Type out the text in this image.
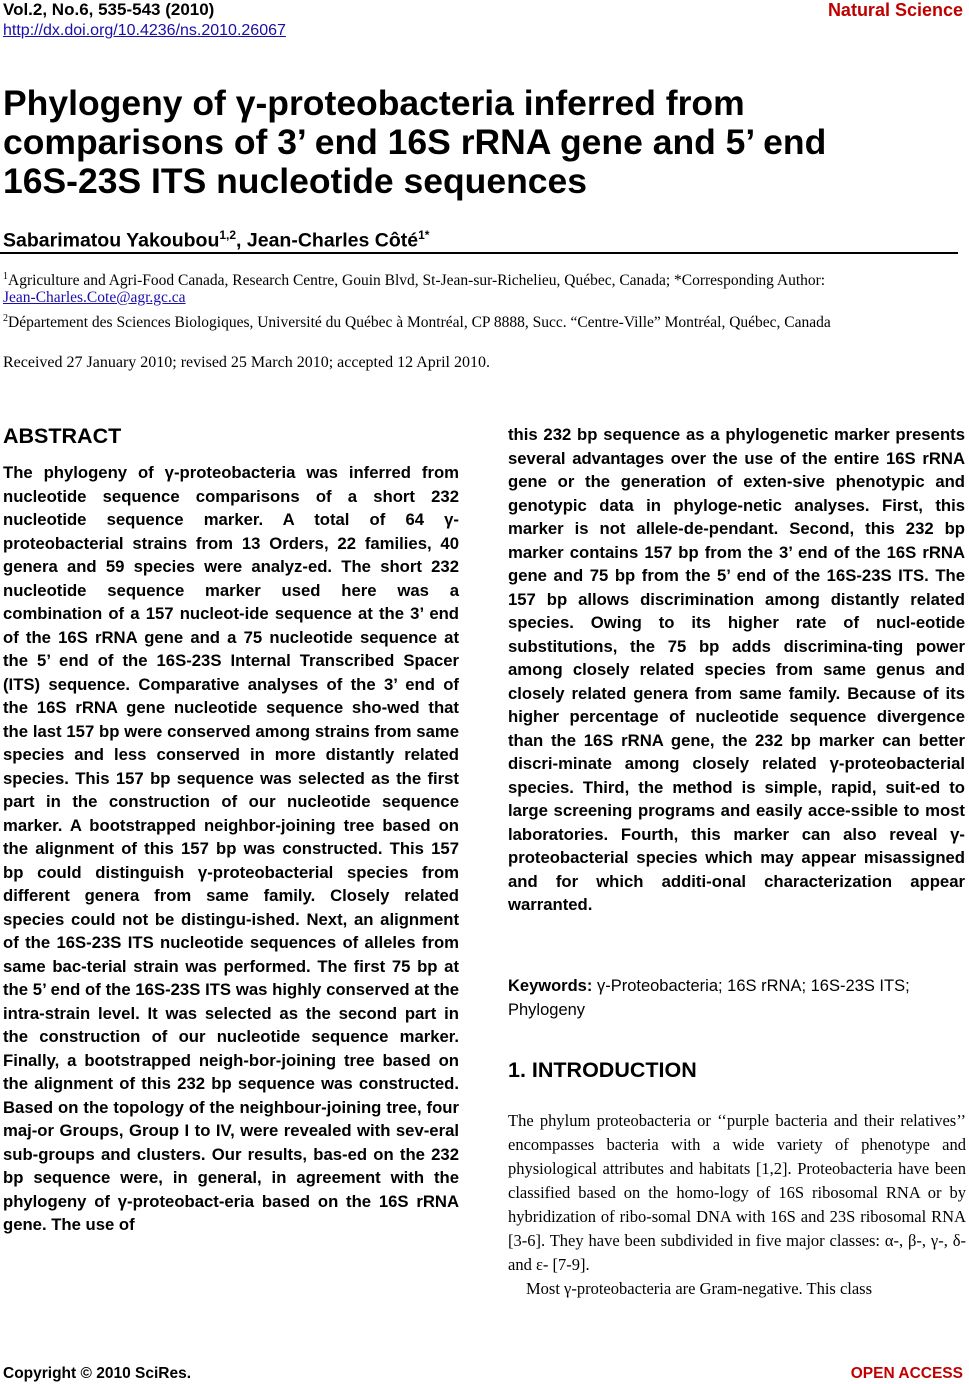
Vol.2, No.6, 535-543 (2010)
http://dx.doi.org/10.4236/ns.2010.26067
Natural Science
Phylogeny of γ-proteobacteria inferred from comparisons of 3’ end 16S rRNA gene and 5’ end 16S-23S ITS nucleotide sequences
Sabarimatou Yakoubou$^{1,2}$, Jean-Charles Côté$^{1*}$
$^1$Agriculture and Agri-Food Canada, Research Centre, Gouin Blvd, St-Jean-sur-Richelieu, Québec, Canada; *Corresponding Author:
Jean-Charles.Cote@agr.gc.ca
$^2$Département des Sciences Biologiques, Université du Québec à Montréal, CP 8888, Succ. “Centre-Ville” Montréal, Québec, Canada
Received 27 January 2010; revised 25 March 2010; accepted 12 April 2010.
ABSTRACT
The phylogeny of γ-proteobacteria was inferred from nucleotide sequence comparisons of a short 232 nucleotide sequence marker. A total of 64 γ-proteobacterial strains from 13 Orders, 22 families, 40 genera and 59 species were analyz-ed. The short 232 nucleotide sequence marker used here was a combination of a 157 nucleot-ide sequence at the 3’ end of the 16S rRNA gene and a 75 nucleotide sequence at the 5’ end of the 16S-23S Internal Transcribed Spacer (ITS) sequence. Comparative analyses of the 3’ end of the 16S rRNA gene nucleotide sequence sho-wed that the last 157 bp were conserved among strains from same species and less conserved in more distantly related species. This 157 bp sequence was selected as the first part in the construction of our nucleotide sequence marker. A bootstrapped neighbor-joining tree based on the alignment of this 157 bp was constructed. This 157 bp could distinguish γ-proteobacterial species from different genera from same family. Closely related species could not be distingu-ished. Next, an alignment of the 16S-23S ITS nucleotide sequences of alleles from same bac-terial strain was performed. The first 75 bp at the 5’ end of the 16S-23S ITS was highly conserved at the intra-strain level. It was selected as the second part in the construction of our nucleotide sequence marker. Finally, a bootstrapped neigh-bor-joining tree based on the alignment of this 232 bp sequence was constructed. Based on the topology of the neighbour-joining tree, four maj-or Groups, Group I to IV, were revealed with sev-eral sub-groups and clusters. Our results, bas-ed on the 232 bp sequence were, in general, in agreement with the phylogeny of γ-proteobact-eria based on the 16S rRNA gene. The use of
this 232 bp sequence as a phylogenetic marker presents several advantages over the use of the entire 16S rRNA gene or the generation of exten-sive phenotypic and genotypic data in phyloge-netic analyses. First, this marker is not allele-de-pendant. Second, this 232 bp marker contains 157 bp from the 3’ end of the 16S rRNA gene and 75 bp from the 5’ end of the 16S-23S ITS. The 157 bp allows discrimination among distantly related species. Owing to its higher rate of nucl-eotide substitutions, the 75 bp adds discrimina-ting power among closely related species from same genus and closely related genera from same family. Because of its higher percentage of nucleotide sequence divergence than the 16S rRNA gene, the 232 bp marker can better discri-minate among closely related γ-proteobacterial species. Third, the method is simple, rapid, suit-ed to large screening programs and easily acce-ssible to most laboratories. Fourth, this marker can also reveal γ-proteobacterial species which may appear misassigned and for which additi-onal characterization appear warranted.
Keywords: γ-Proteobacteria; 16S rRNA; 16S-23S ITS; Phylogeny
1. INTRODUCTION

The phylum proteobacteria or ‘‘purple bacteria and their relatives’’ encompasses bacteria with a wide variety of phenotype and physiological attributes and habitats [1,2]. Proteobacteria have been classified based on the homo-logy of 16S ribosomal RNA or by hybridization of ribo-somal DNA with 16S and 23S ribosomal RNA [3-6]. They have been subdivided in five major classes: α-, β-, γ-, δ- and ε- [7-9].

Most γ-proteobacteria are Gram-negative. This class

Copyright © 2010 SciRes.	OPEN ACCESS
